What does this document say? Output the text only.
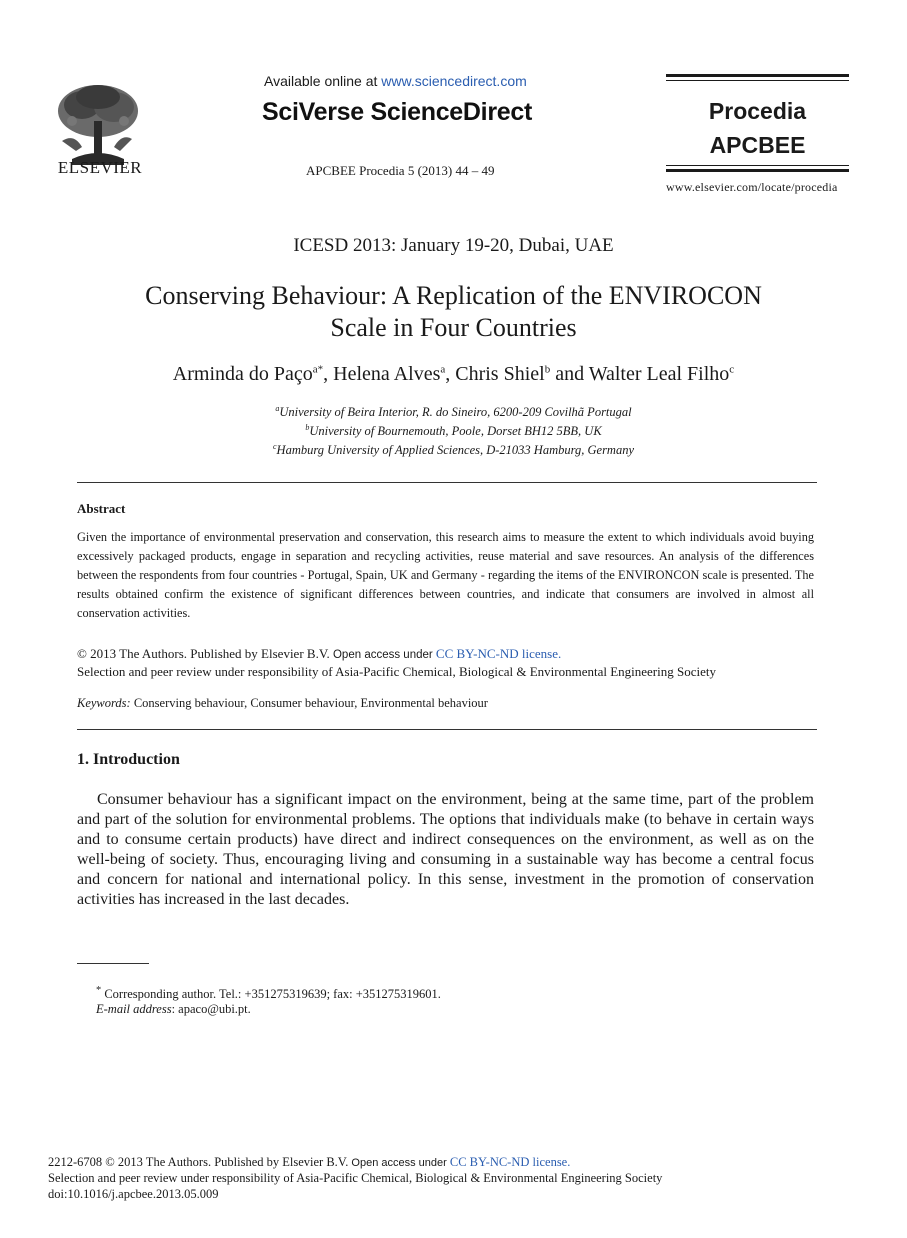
ELSEVIER
Available online at www.sciencedirect.com
SciVerse ScienceDirect
APCBEE Procedia 5 (2013) 44 – 49
Procedia
APCBEE
www.elsevier.com/locate/procedia
ICESD 2013: January 19-20, Dubai, UAE
Conserving Behaviour: A Replication of the ENVIROCON
Scale in Four Countries
Arminda do Paço$^{a*}$, Helena Alves$^a$, Chris Shiel$^b$ and Walter Leal Filho$^c$
$^a$University of Beira Interior, R. do Sineiro, 6200-209 Covilhã Portugal
$^b$University of Bournemouth, Poole, Dorset BH12 5BB, UK
$^c$Hamburg University of Applied Sciences, D-21033 Hamburg, Germany
Abstract
Given the importance of environmental preservation and conservation, this research aims to measure the extent to which individuals avoid buying excessively packaged products, engage in separation and recycling activities, reuse material and save resources. An analysis of the differences between the respondents from four countries - Portugal, Spain, UK and Germany - regarding the items of the ENVIRONCON scale is presented. The results obtained confirm the existence of significant differences between countries, and indicate that consumers are involved in almost all conservation activities.
© 2013 The Authors. Published by Elsevier B.V. Open access under CC BY-NC-ND license.
Selection and peer review under responsibility of Asia-Pacific Chemical, Biological & Environmental Engineering Society
Keywords: Conserving behaviour, Consumer behaviour, Environmental behaviour
1. Introduction
Consumer behaviour has a significant impact on the environment, being at the same time, part of the problem and part of the solution for environmental problems. The options that individuals make (to behave in certain ways and to consume certain products) have direct and indirect consequences on the environment, as well as on the well-being of society. Thus, encouraging living and consuming in a sustainable way has become a central focus and concern for national and international policy. In this sense, investment in the promotion of conservation activities has increased in the last decades.
* Corresponding author. Tel.: +351275319639; fax: +351275319601.
E-mail address: apaco@ubi.pt.
2212-6708 © 2013 The Authors. Published by Elsevier B.V. Open access under CC BY-NC-ND license.
Selection and peer review under responsibility of Asia-Pacific Chemical, Biological & Environmental Engineering Society
doi:10.1016/j.apcbee.2013.05.009
